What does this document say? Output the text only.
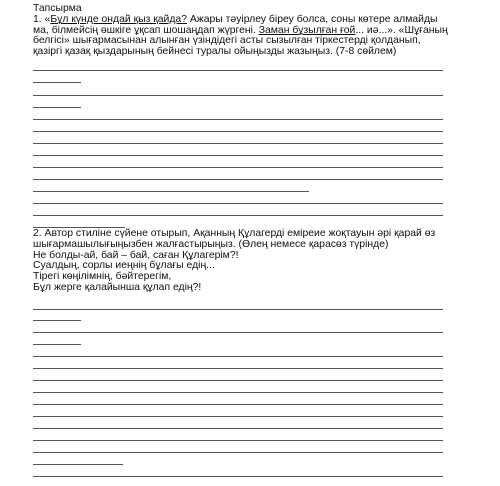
Тапсырма
1. «Бұл күнде ондай қыз қайда? Ажары тәуірлеу біреу болса, соны көтере алмайды
ма, білмейсің өшкіге ұқсап шошаңдап жүргені. Заман бұзылған ғой... иә...». «Шұғаның
белгісі» шығармасынан алынған үзіндідегі асты сызылған тіркестерді қолданып,
қазіргі қазақ қыздарының бейнесі туралы ойыңызды жазыңыз. (7-8 сөйлем)
2. Автор стиліне сүйене отырып, Ақанның Құлагерді еміреие жоқтауын әрі қарай өз
шығармашылығыңызбен жалғастырыңыз. (Өлең немесе қарасөз түрінде)
Не болды-ай, бай – бай, саған Құлагерім?!
Суалдың, сорлы иеңнің бұлағы едің...
Тірегі көңілімнің, бәйтерегім,
Бұл жерге қалайынша құлап едің?!
